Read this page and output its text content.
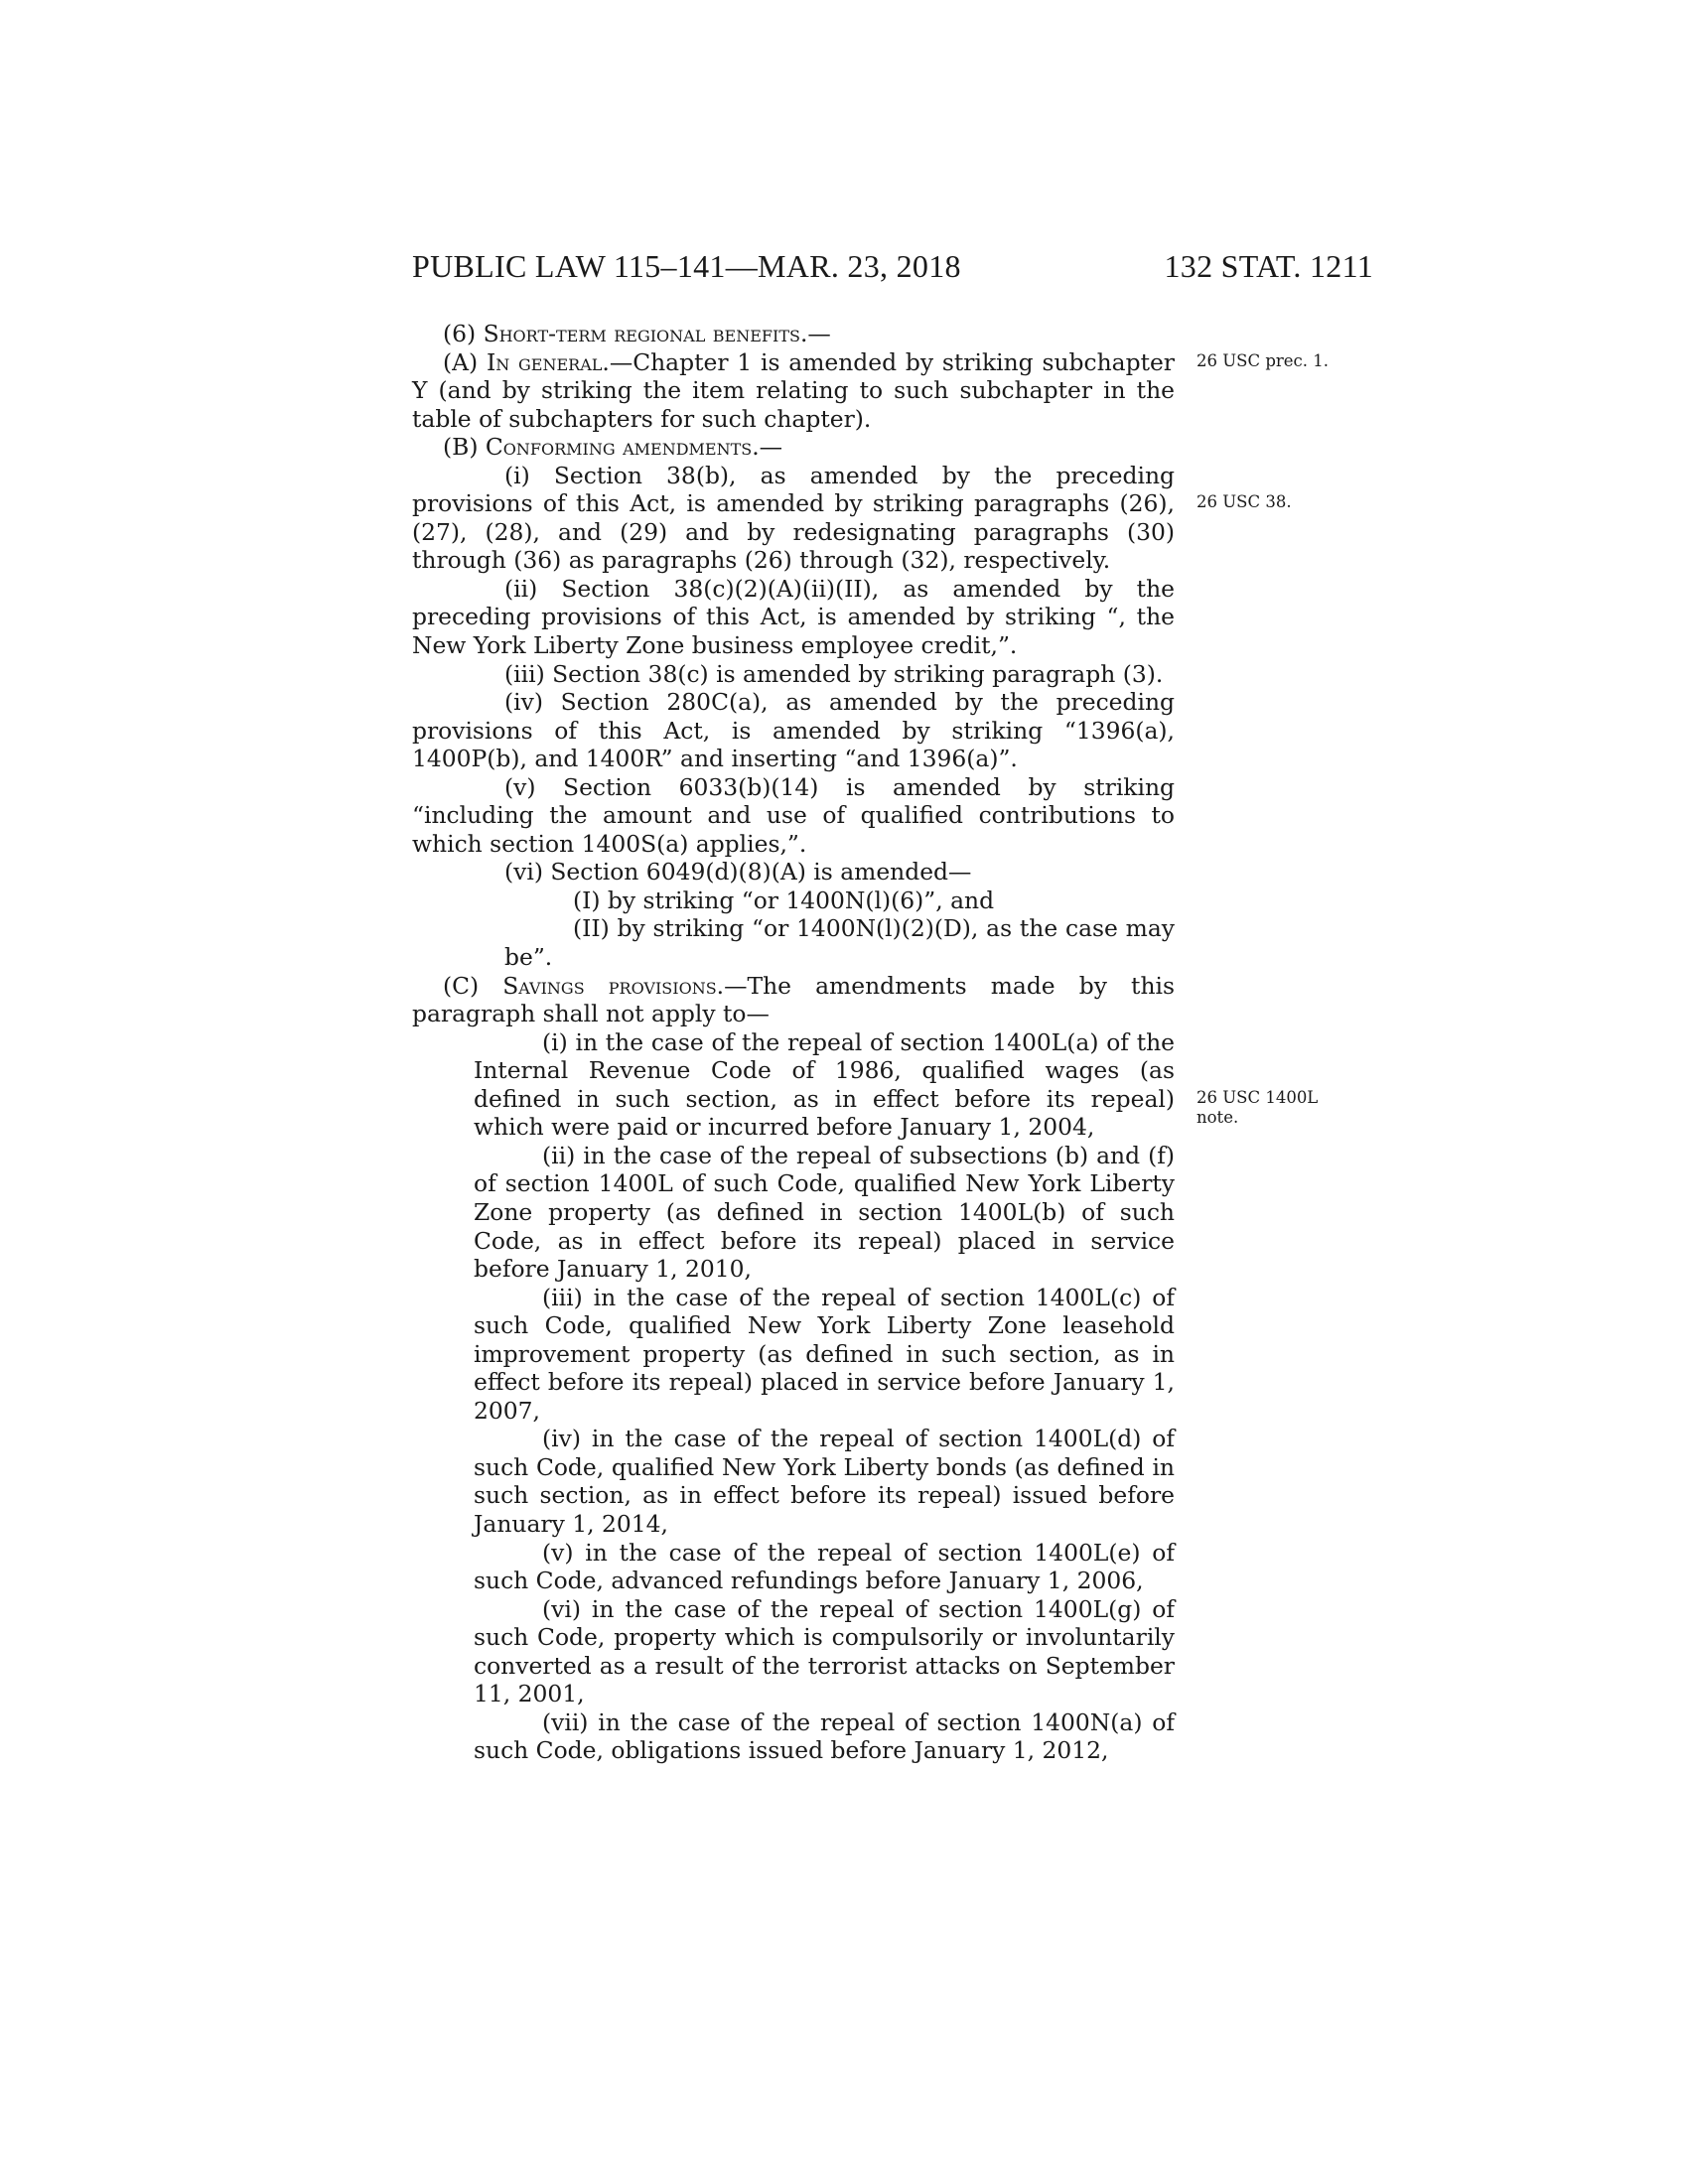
PUBLIC LAW 115–141—MAR. 23, 2018	132 STAT. 1211

(6) Short-term regional benefits.—

(A) In general.—Chapter 1 is amended by striking subchapter Y (and by striking the item relating to such subchapter in the table of subchapters for such chapter).

(B) Conforming amendments.—

(i) Section 38(b), as amended by the preceding provisions of this Act, is amended by striking paragraphs (26), (27), (28), and (29) and by redesignating paragraphs (30) through (36) as paragraphs (26) through (32), respectively.

(ii) Section 38(c)(2)(A)(ii)(II), as amended by the preceding provisions of this Act, is amended by striking “, the New York Liberty Zone business employee credit,”.

(iii) Section 38(c) is amended by striking paragraph (3).

(iv) Section 280C(a), as amended by the preceding provisions of this Act, is amended by striking “1396(a), 1400P(b), and 1400R” and inserting “and 1396(a)”.

(v) Section 6033(b)(14) is amended by striking “including the amount and use of qualified contributions to which section 1400S(a) applies,”.

(vi) Section 6049(d)(8)(A) is amended—

(I) by striking “or 1400N(l)(6)”, and

(II) by striking “or 1400N(l)(2)(D), as the case may be”.

(C) Savings provisions.—The amendments made by this paragraph shall not apply to—

(i) in the case of the repeal of section 1400L(a) of the Internal Revenue Code of 1986, qualified wages (as defined in such section, as in effect before its repeal) which were paid or incurred before January 1, 2004,

(ii) in the case of the repeal of subsections (b) and (f) of section 1400L of such Code, qualified New York Liberty Zone property (as defined in section 1400L(b) of such Code, as in effect before its repeal) placed in service before January 1, 2010,

(iii) in the case of the repeal of section 1400L(c) of such Code, qualified New York Liberty Zone leasehold improvement property (as defined in such section, as in effect before its repeal) placed in service before January 1, 2007,

(iv) in the case of the repeal of section 1400L(d) of such Code, qualified New York Liberty bonds (as defined in such section, as in effect before its repeal) issued before January 1, 2014,

(v) in the case of the repeal of section 1400L(e) of such Code, advanced refundings before January 1, 2006,

(vi) in the case of the repeal of section 1400L(g) of such Code, property which is compulsorily or involuntarily converted as a result of the terrorist attacks on September 11, 2001,

(vii) in the case of the repeal of section 1400N(a) of such Code, obligations issued before January 1, 2012,

26 USC prec. 1.
26 USC 38.
26 USC 1400L
note.
